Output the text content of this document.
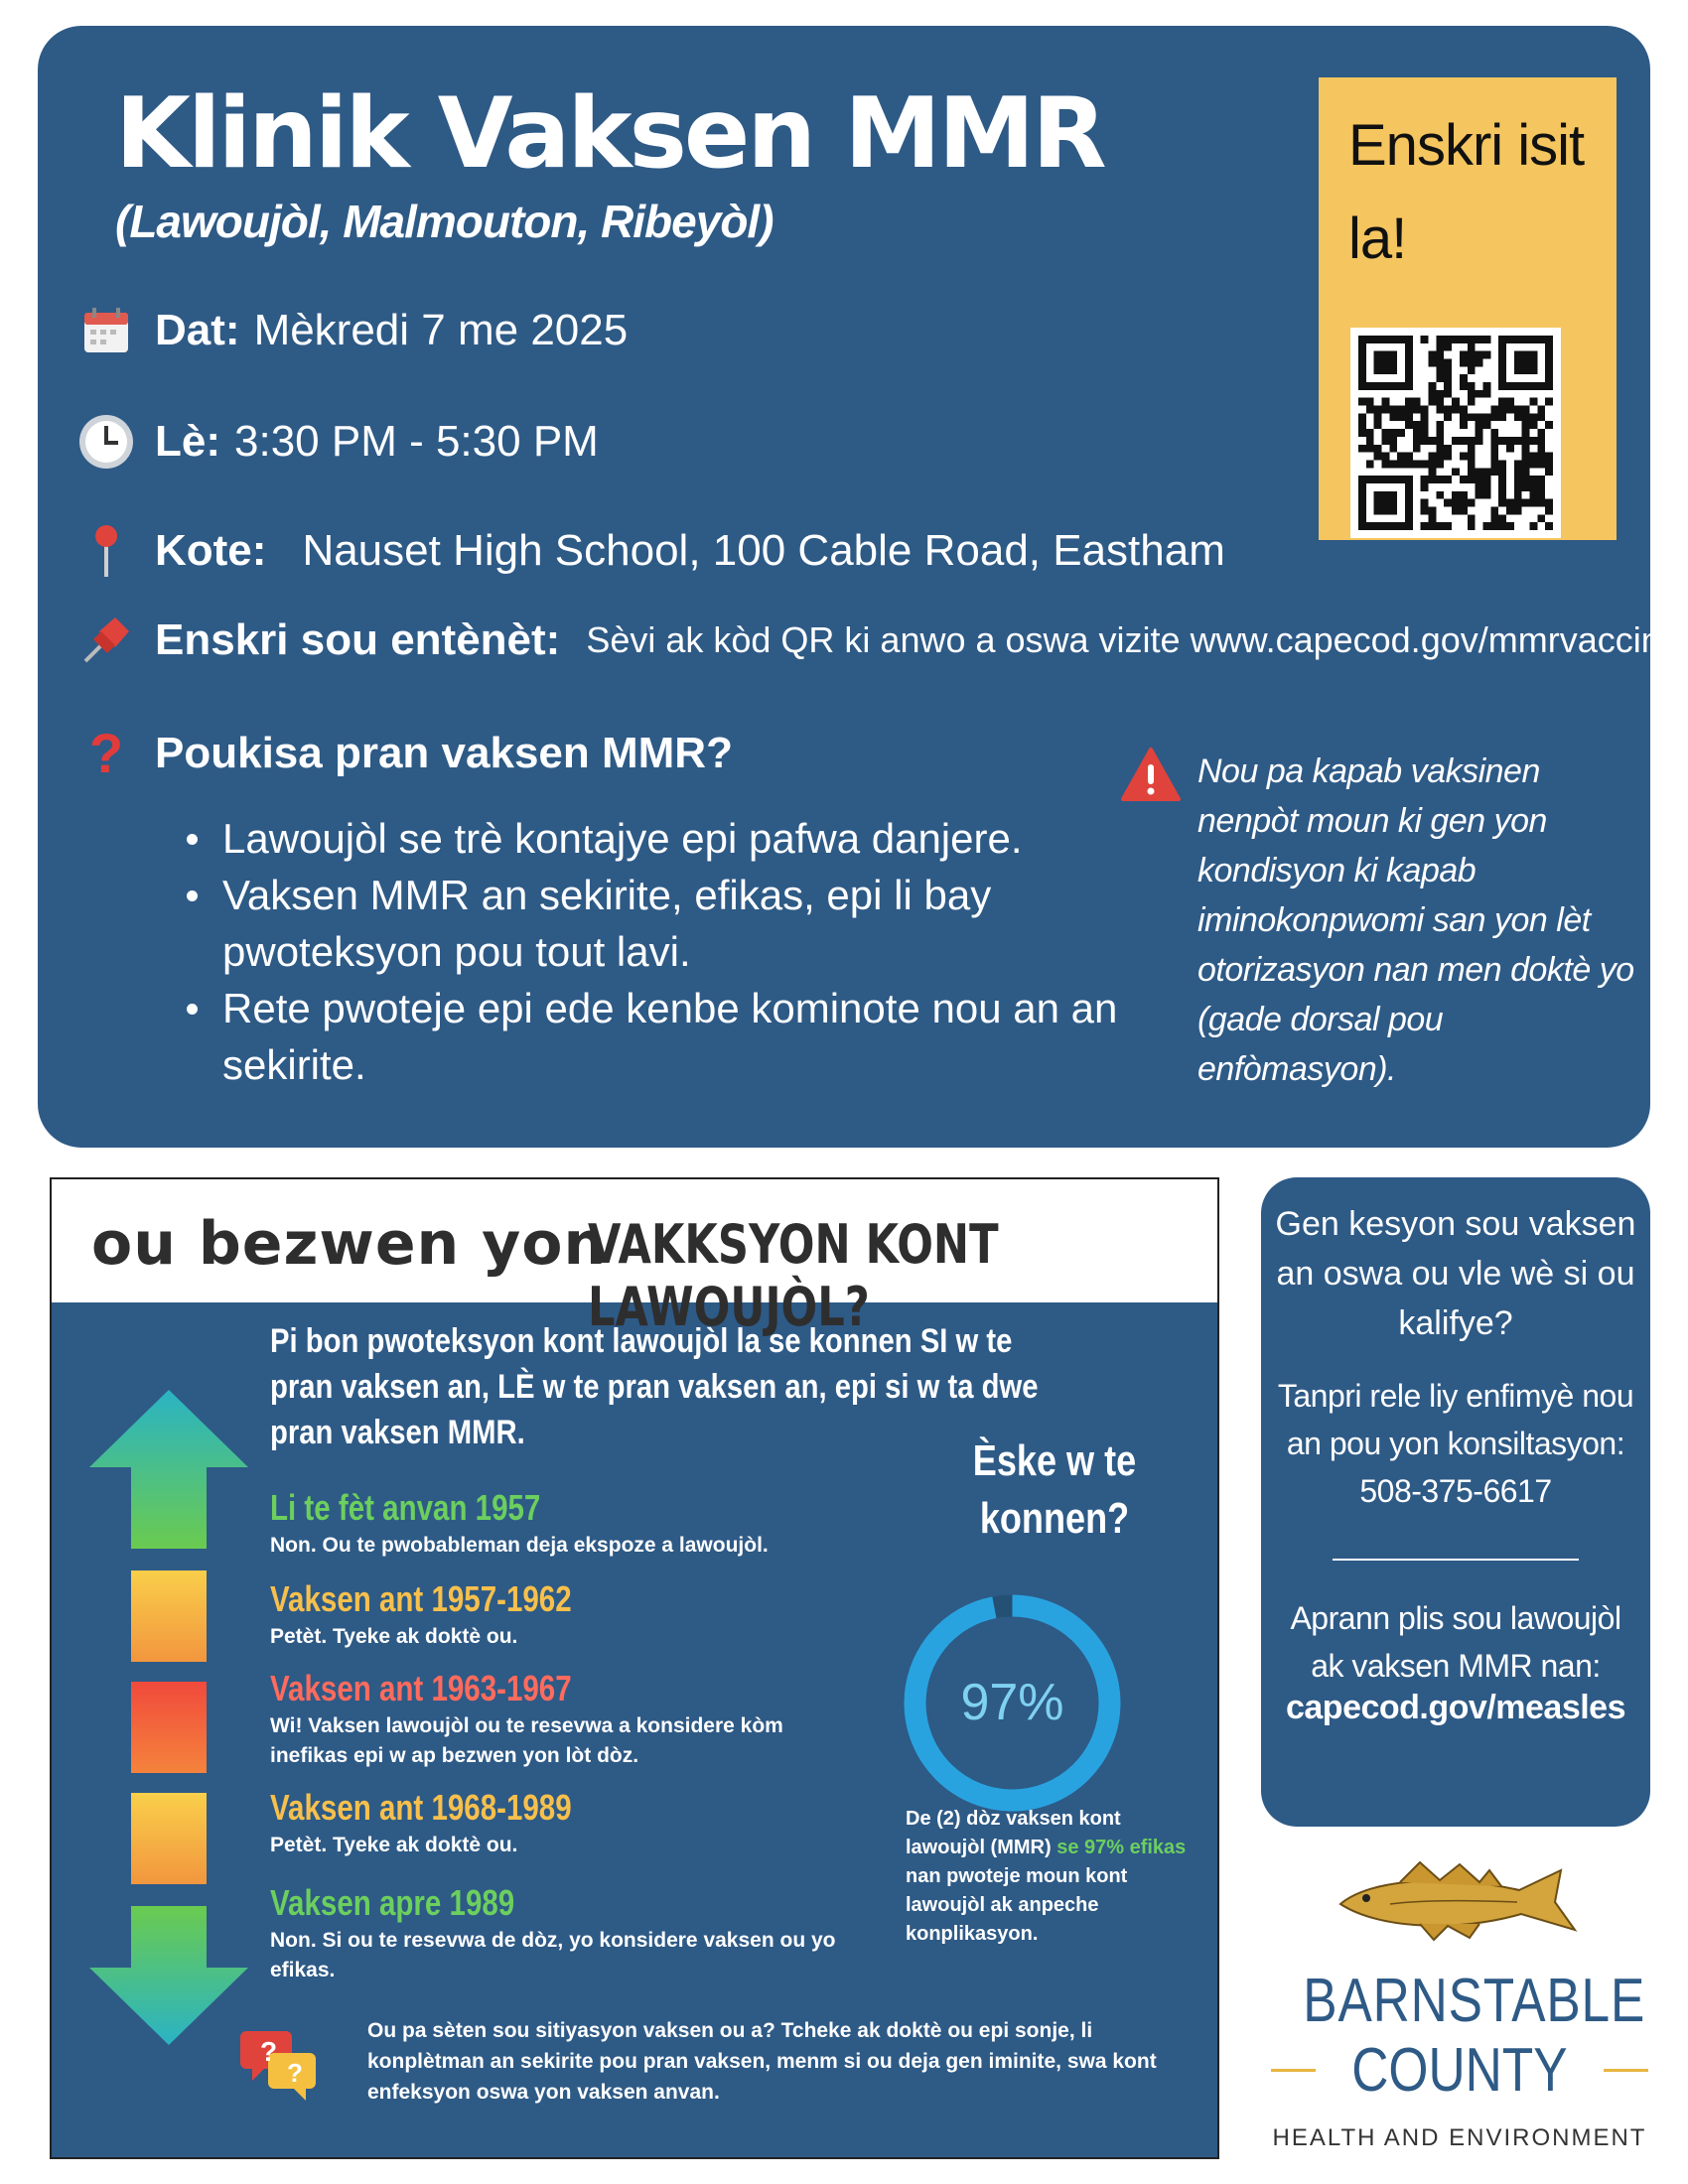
Klinik Vaksen MMR
(Lawoujòl, Malmouton, Ribeyòl)
Dat: Mèkredi 7 me 2025
Lè: 3:30 PM - 5:30 PM
Kote: Nauset High School, 100 Cable Road, Eastham
Enskri sou entènèt: Sèvi ak kòd QR ki anwo a oswa vizite www.capecod.gov/mmrvaccine
? Poukisa pran vaksen MMR?
Lawoujòl se trè kontajye epi pafwa danjere.
Vaksen MMR an sekirite, efikas, epi li bay pwoteksyon pou tout lavi.
Rete pwoteje epi ede kenbe kominote nou an an sekirite.
Nou pa kapab vaksinen nenpòt moun ki gen yon kondisyon ki kapab iminokonpwomi san yon lèt otorizasyon nan men doktè yo (gade dorsal pou enfòmasyon).
Enskri isit la!
ou bezwen yon
VAKKSYON KONT LAWOUJÒL?
Pi bon pwoteksyon kont lawoujòl la se konnen SI w te pran vaksen an, LÈ w te pran vaksen an, epi si w ta dwe pran vaksen MMR.
Li te fèt anvan 1957
Non. Ou te pwobableman deja ekspoze a lawoujòl.
Vaksen ant 1957-1962
Petèt. Tyeke ak doktè ou.
Vaksen ant 1963-1967
Wi! Vaksen lawoujòl ou te resevwa a konsidere kòm inefikas epi w ap bezwen yon lòt dòz.
Vaksen ant 1968-1989
Petèt. Tyeke ak doktè ou.
Vaksen apre 1989
Non. Si ou te resevwa de dòz, yo konsidere vaksen ou yo efikas.
Èske w te konnen?
97%
De (2) dòz vaksen kont lawoujòl (MMR) se 97% efikas nan pwoteje moun kont lawoujòl ak anpeche konplikasyon.
?
?
Ou pa sèten sou sitiyasyon vaksen ou a? Tcheke ak doktè ou epi sonje, li konplètman an sekirite pou pran vaksen, menm si ou deja gen iminite, swa kont enfeksyon oswa yon vaksen anvan.

Gen kesyon sou vaksen an oswa ou vle wè si ou kalifye?

Tanpri rele liy enfimyè nou an pou yon konsiltasyon: 508-375-6617

Aprann plis sou lawoujòl ak vaksen MMR nan:

capecod.gov/measles

BARNSTABLE
COUNTY
HEALTH AND ENVIRONMENT
